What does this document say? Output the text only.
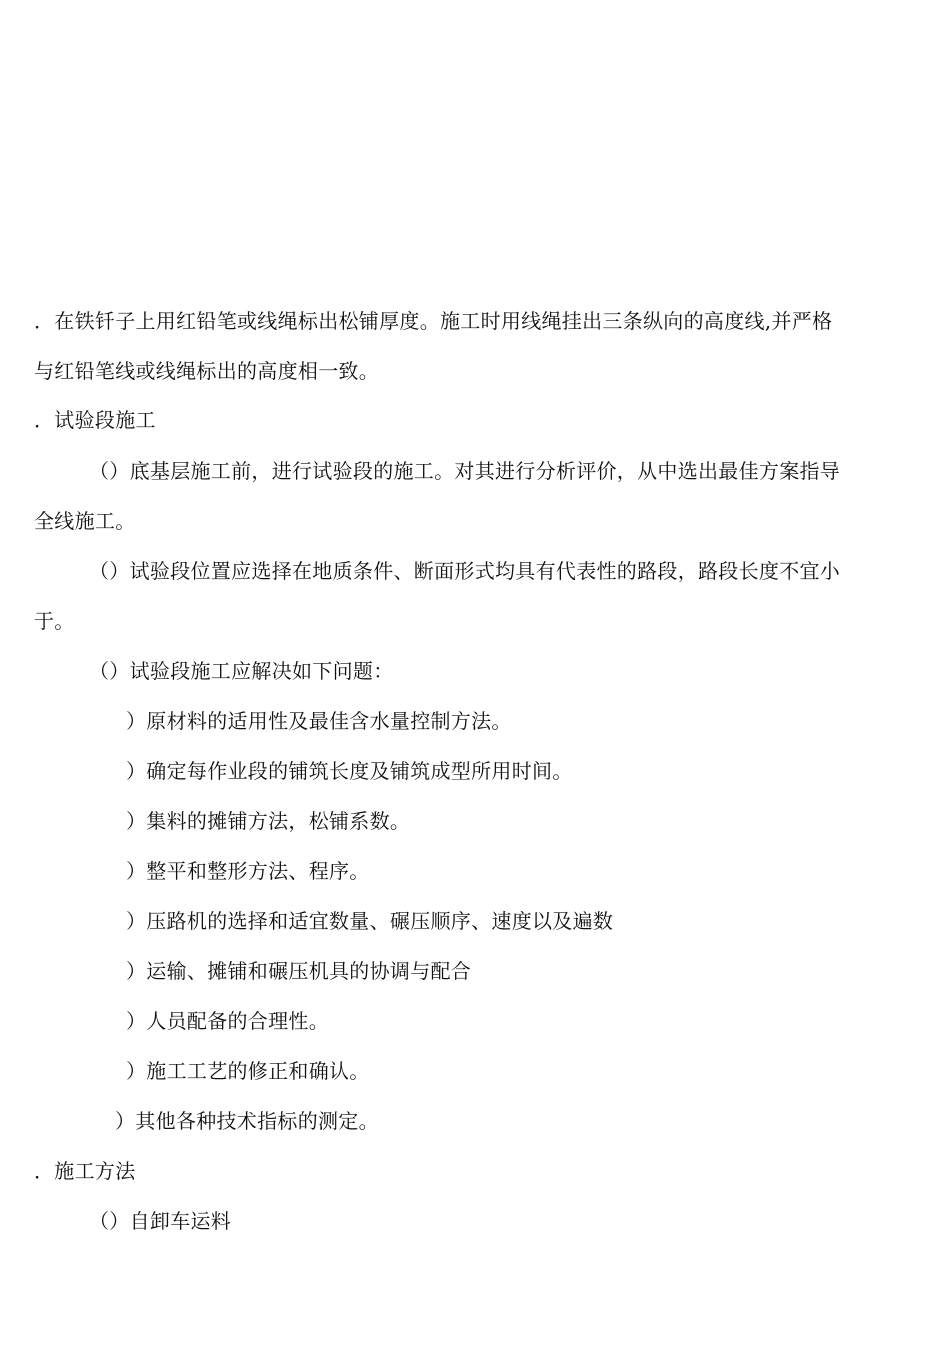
．在铁钎子上用红铅笔或线绳标出松铺厚度。施工时用线绳挂出三条纵向的高度线,并严格
与红铅笔线或线绳标出的高度相一致。
．试验段施工
（）底基层施工前，进行试验段的施工。对其进行分析评价，从中选出最佳方案指导
全线施工。
（）试验段位置应选择在地质条件、断面形式均具有代表性的路段，路段长度不宜小
于。
（）试验段施工应解决如下问题：
）原材料的适用性及最佳含水量控制方法。
）确定每作业段的铺筑长度及铺筑成型所用时间。
）集料的摊铺方法，松铺系数。
）整平和整形方法、程序。
）压路机的选择和适宜数量、碾压顺序、速度以及遍数
）运输、摊铺和碾压机具的协调与配合
）人员配备的合理性。
）施工工艺的修正和确认。
）其他各种技术指标的测定。
．施工方法
（）自卸车运料
